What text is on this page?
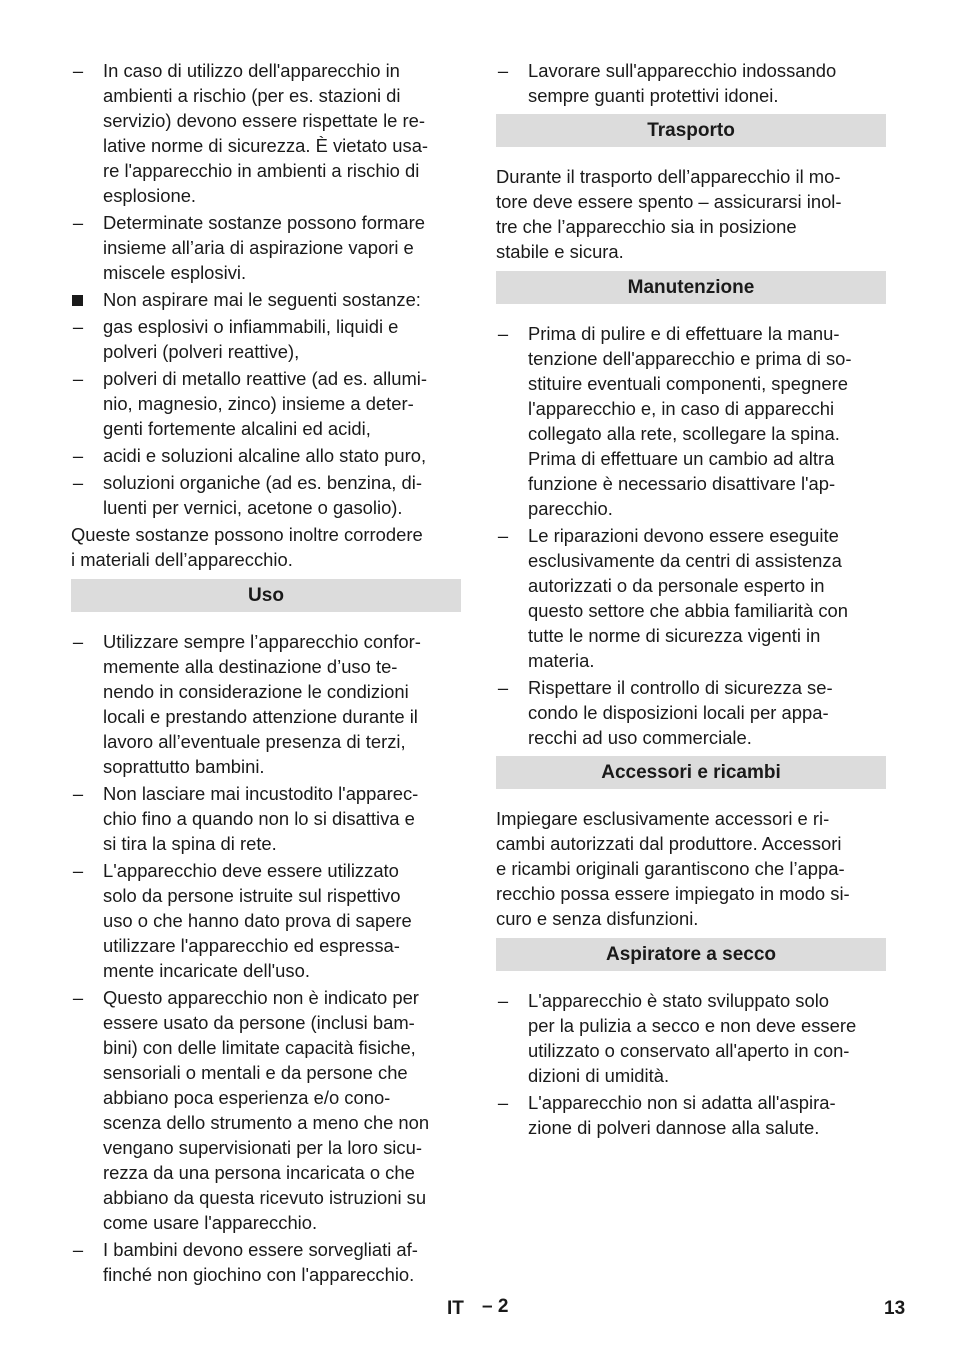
– In caso di utilizzo dell'apparecchio in
ambienti a rischio (per es. stazioni di
servizio) devono essere rispettate le re-
lative norme di sicurezza. È vietato usa-
re l'apparecchio in ambienti a rischio di
esplosione.
– Determinate sostanze possono formare
insieme all’aria di aspirazione vapori e
miscele esplosivi.
Non aspirare mai le seguenti sostanze:
– gas esplosivi o infiammabili, liquidi e
polveri (polveri reattive),
– polveri di metallo reattive (ad es. allumi-
nio, magnesio, zinco) insieme a deter-
genti fortemente alcalini ed acidi,
– acidi e soluzioni alcaline allo stato puro,
– soluzioni organiche (ad es. benzina, di-
luenti per vernici, acetone o gasolio).
Queste sostanze possono inoltre corrodere
i materiali dell’apparecchio.
Uso
– Utilizzare sempre l’apparecchio confor-
memente alla destinazione d’uso te-
nendo in considerazione le condizioni
locali e prestando attenzione durante il
lavoro all’eventuale presenza di terzi,
soprattutto bambini.
– Non lasciare mai incustodito l'apparec-
chio fino a quando non lo si disattiva e
si tira la spina di rete.
– L'apparecchio deve essere utilizzato
solo da persone istruite sul rispettivo
uso o che hanno dato prova di sapere
utilizzare l'apparecchio ed espressa-
mente incaricate dell'uso.
– Questo apparecchio non è indicato per
essere usato da persone (inclusi bam-
bini) con delle limitate capacità fisiche,
sensoriali o mentali e da persone che
abbiano poca esperienza e/o cono-
scenza dello strumento a meno che non
vengano supervisionati per la loro sicu-
rezza da una persona incaricata o che
abbiano da questa ricevuto istruzioni su
come usare l'apparecchio.
– I bambini devono essere sorvegliati af-
finché non giochino con l'apparecchio.
– Lavorare sull'apparecchio indossando
sempre guanti protettivi idonei.
Trasporto
Durante il trasporto dell’apparecchio il mo-
tore deve essere spento – assicurarsi inol-
tre che l’apparecchio sia in posizione
stabile e sicura.
Manutenzione
– Prima di pulire e di effettuare la manu-
tenzione dell'apparecchio e prima di so-
stituire eventuali componenti, spegnere
l'apparecchio e, in caso di apparecchi
collegato alla rete, scollegare la spina.
Prima di effettuare un cambio ad altra
funzione è necessario disattivare l'ap-
parecchio.
– Le riparazioni devono essere eseguite
esclusivamente da centri di assistenza
autorizzati o da personale esperto in
questo settore che abbia familiarità con
tutte le norme di sicurezza vigenti in
materia.
– Rispettare il controllo di sicurezza se-
condo le disposizioni locali per appa-
recchi ad uso commerciale.
Accessori e ricambi
Impiegare esclusivamente accessori e ri-
cambi autorizzati dal produttore. Accessori
e ricambi originali garantiscono che l’appa-
recchio possa essere impiegato in modo si-
curo e senza disfunzioni.
Aspiratore a secco
– L'apparecchio è stato sviluppato solo
per la pulizia a secco e non deve essere
utilizzato o conservato all'aperto in con-
dizioni di umidità.
– L'apparecchio non si adatta all'aspira-
zione di polveri dannose alla salute.
IT – 2	13
